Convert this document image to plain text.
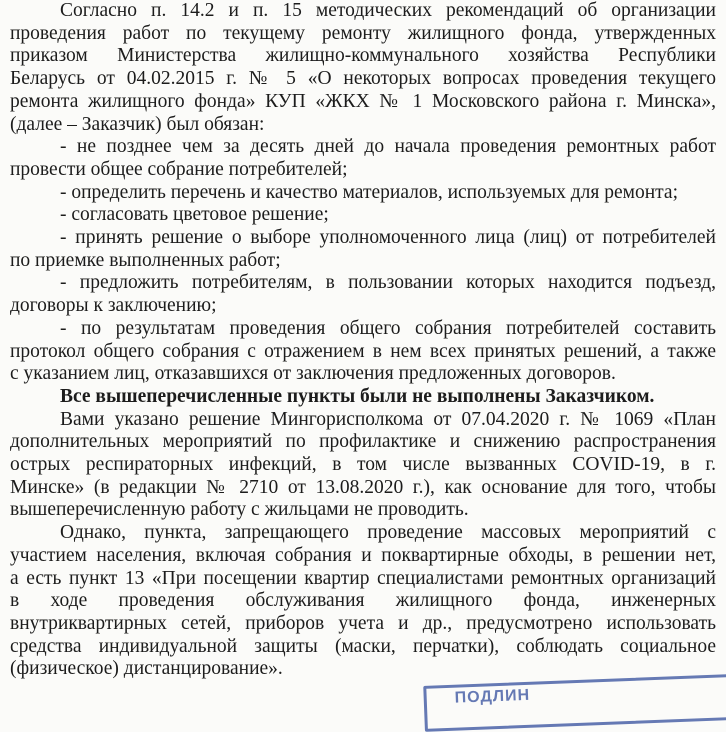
Согласно п. 14.2 и п. 15 методических рекомендаций об организации
проведения работ по текущему ремонту жилищного фонда, утвержденных
приказом Министерства жилищно-коммунального хозяйства Республики
Беларусь от 04.02.2015 г. № 5 «О некоторых вопросах проведения текущего
ремонта жилищного фонда» КУП «ЖКХ № 1 Московского района г. Минска»,
(далее – Заказчик) был обязан:
- не позднее чем за десять дней до начала проведения ремонтных работ
провести общее собрание потребителей;
- определить перечень и качество материалов, используемых для ремонта;
- согласовать цветовое решение;
- принять решение о выборе уполномоченного лица (лиц) от потребителей
по приемке выполненных работ;
- предложить потребителям, в пользовании которых находится подъезд,
договоры к заключению;
- по результатам проведения общего собрания потребителей составить
протокол общего собрания с отражением в нем всех принятых решений, а также
с указанием лиц, отказавшихся от заключения предложенных договоров.
Все вышеперечисленные пункты были не выполнены Заказчиком.
Вами указано решение Мингорисполкома от 07.04.2020 г. № 1069 «План
дополнительных мероприятий по профилактике и снижению распространения
острых респираторных инфекций, в том числе вызванных COVID-19, в г.
Минске» (в редакции № 2710 от 13.08.2020 г.), как основание для того, чтобы
вышеперечисленную работу с жильцами не проводить.
Однако, пункта, запрещающего проведение массовых мероприятий с
участием населения, включая собрания и поквартирные обходы, в решении нет,
а есть пункт 13 «При посещении квартир специалистами ремонтных организаций
в ходе проведения обслуживания жилищного фонда, инженерных
внутриквартирных сетей, приборов учета и др., предусмотрено использовать
средства индивидуальной защиты (маски, перчатки), соблюдать социальное
(физическое) дистанцирование».
ПОДЛИН
